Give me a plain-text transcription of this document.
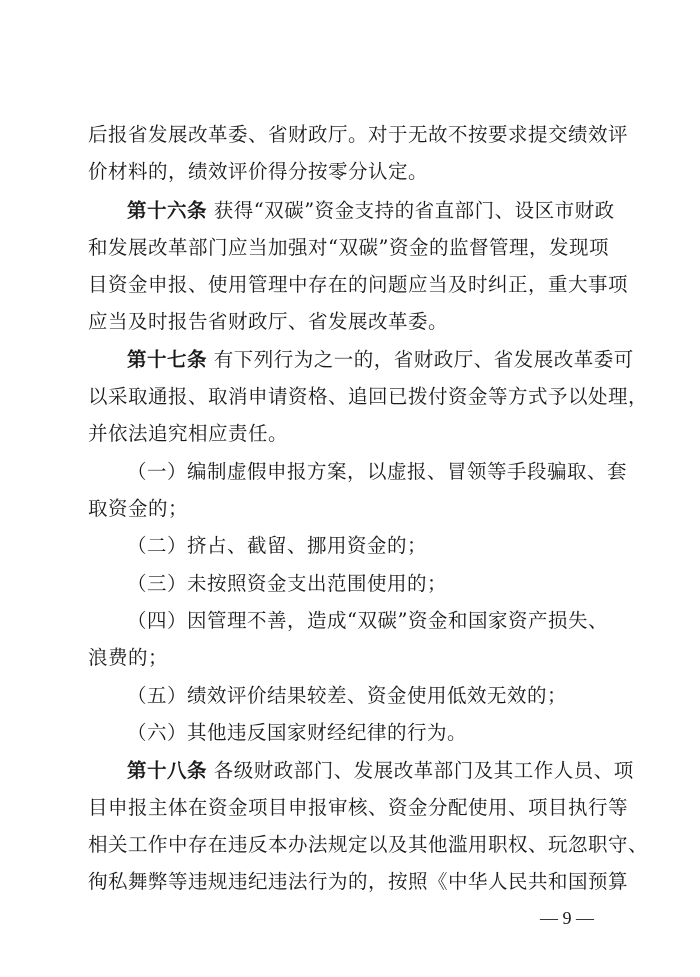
后报省发展改革委、省财政厅。对于无故不按要求提交绩效评
价材料的，绩效评价得分按零分认定。
第十六条 获得“双碳”资金支持的省直部门、设区市财政
和发展改革部门应当加强对“双碳”资金的监督管理，发现项
目资金申报、使用管理中存在的问题应当及时纠正，重大事项
应当及时报告省财政厅、省发展改革委。
第十七条 有下列行为之一的，省财政厅、省发展改革委可
以采取通报、取消申请资格、追回已拨付资金等方式予以处理，
并依法追究相应责任。
（一）编制虚假申报方案，以虚报、冒领等手段骗取、套
取资金的；
（二）挤占、截留、挪用资金的；
（三）未按照资金支出范围使用的；
（四）因管理不善，造成“双碳”资金和国家资产损失、
浪费的；
（五）绩效评价结果较差、资金使用低效无效的；
（六）其他违反国家财经纪律的行为。
第十八条 各级财政部门、发展改革部门及其工作人员、项
目申报主体在资金项目申报审核、资金分配使用、项目执行等
相关工作中存在违反本办法规定以及其他滥用职权、玩忽职守、
徇私舞弊等违规违纪违法行为的，按照《中华人民共和国预算
— 9 —
